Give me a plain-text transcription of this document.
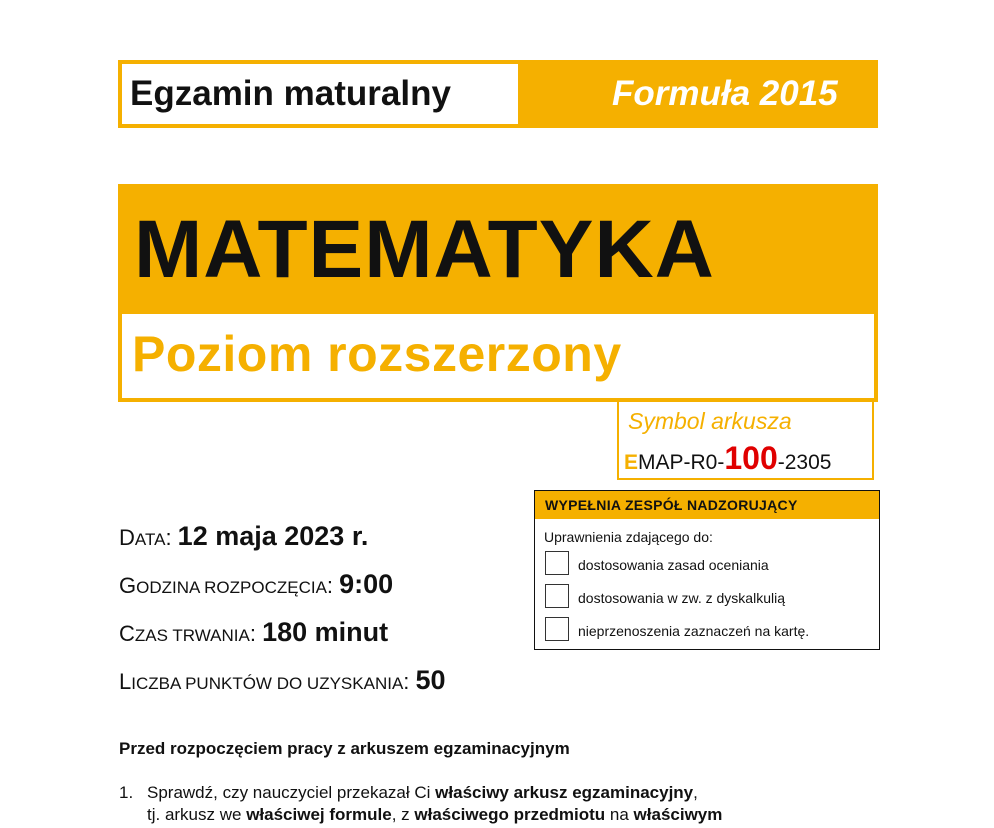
Egzamin maturalny	Formuła 2015
MATEMATYKA
Poziom rozszerzony
Symbol arkusza
EMAP-R0-100-2305
DATA: 12 maja 2023 r.
GODZINA ROZPOCZĘCIA: 9:00
CZAS TRWANIA: 180 minut
LICZBA PUNKTÓW DO UZYSKANIA: 50
WYPEŁNIA ZESPÓŁ NADZORUJĄCY
Uprawnienia zdającego do:
dostosowania zasad oceniania
dostosowania w zw. z dyskalkulią
nieprzenoszenia zaznaczeń na kartę.
Przed rozpoczęciem pracy z arkuszem egzaminacyjnym
1. Sprawdź, czy nauczyciel przekazał Ci właściwy arkusz egzaminacyjny,
tj. arkusz we właściwej formule, z właściwego przedmiotu na właściwym
